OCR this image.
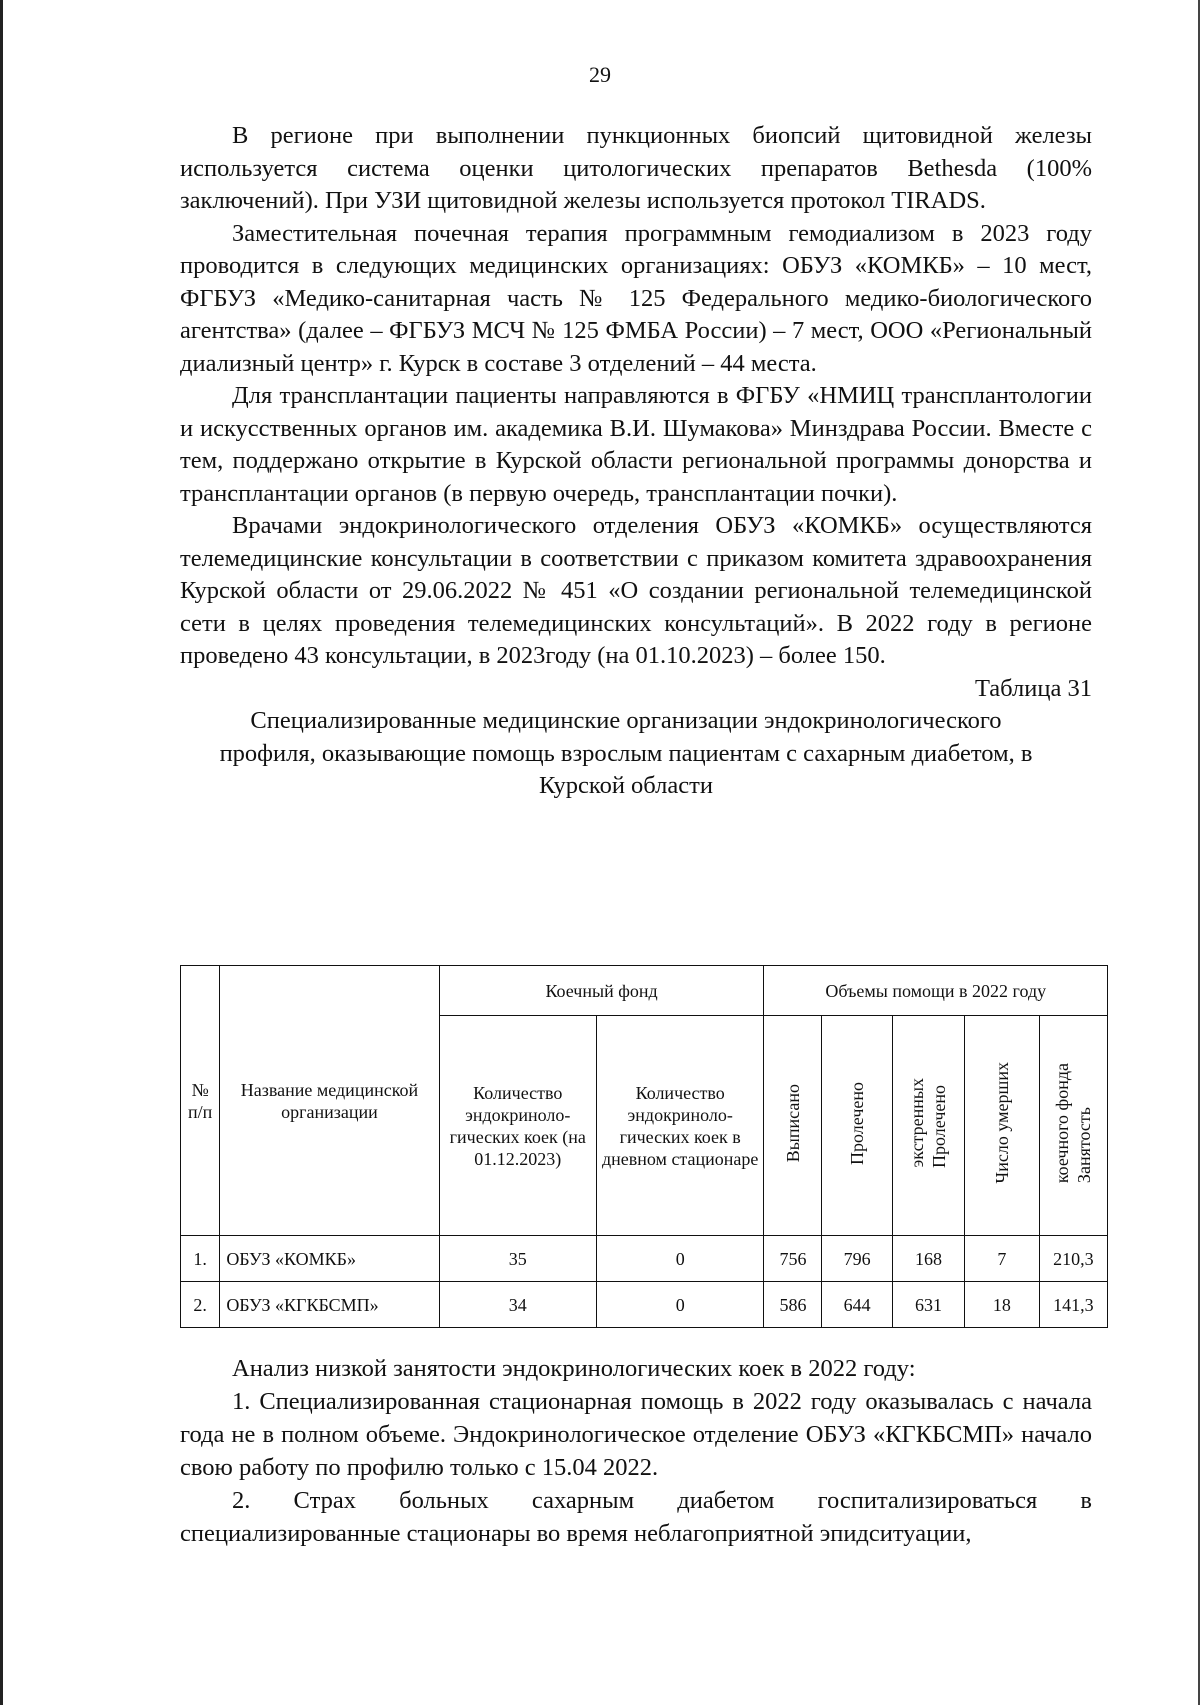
29

В регионе при выполнении пункционных биопсий щитовидной железы используется система оценки цитологических препаратов Bethesda (100% заключений). При УЗИ щитовидной железы используется протокол TIRADS.

Заместительная почечная терапия программным гемодиализом в 2023 году проводится в следующих медицинских организациях: ОБУЗ «КОМКБ» – 10 мест, ФГБУЗ «Медико-санитарная часть № 125 Федерального медико-биологического агентства» (далее – ФГБУЗ МСЧ № 125 ФМБА России) – 7 мест, ООО «Региональный диализный центр» г. Курск в составе 3 отделений – 44 места.

Для трансплантации пациенты направляются в ФГБУ «НМИЦ трансплантологии и искусственных органов им. академика В.И. Шумакова» Минздрава России. Вместе с тем, поддержано открытие в Курской области региональной программы донорства и трансплантации органов (в первую очередь, трансплантации почки).

Врачами эндокринологического отделения ОБУЗ «КОМКБ» осуществляются телемедицинские консультации в соответствии с приказом комитета здравоохранения Курской области от 29.06.2022 № 451 «О создании региональной телемедицинской сети в целях проведения телемедицинских консультаций». В 2022 году в регионе проведено 43 консультации, в 2023году (на 01.10.2023) – более 150.

Таблица 31

Специализированные медицинские организации эндокринологического профиля, оказывающие помощь взрослым пациентам с сахарным диабетом, в Курской области

№ п/п	Название медицинской организации	Коечный фонд		Объемы помощи в 2022 году				
		Количество эндокриноло-гических коек (на 01.12.2023)	Количество эндокриноло-гических коек в дневном стационаре	Выписано	Пролечено	экстренных Пролечено	Число умерших	коечного фонда Занятость
1.	ОБУЗ «КОМКБ»	35	0	756	796	168	7	210,3
2.	ОБУЗ «КГКБСМП»	34	0	586	644	631	18	141,3

Анализ низкой занятости эндокринологических коек в 2022 году:

1. Специализированная стационарная помощь в 2022 году оказывалась с начала года не в полном объеме. Эндокринологическое отделение ОБУЗ «КГКБСМП» начало свою работу по профилю только с 15.04 2022.

2. Страх больных сахарным диабетом госпитализироваться в специализированные стационары во время неблагоприятной эпидситуации,
